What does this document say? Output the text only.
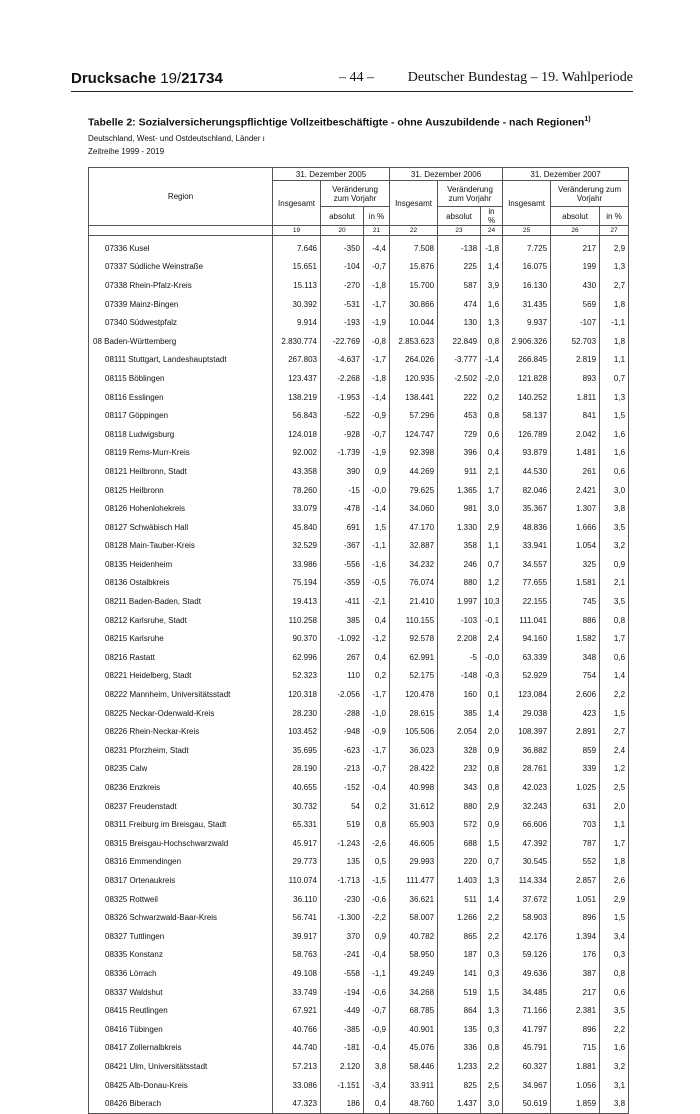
Drucksache 19/21734	– 44 – Deutscher Bundestag – 19. Wahlperiode
Tabelle 2: Sozialversicherungspflichtige Vollzeitbeschäftigte - ohne Auszubildende - nach Regionen$^{1)}$
Deutschland, West- und Ostdeutschland, Länder ı
Zeitreihe 1999 - 2019
Region	31. Dezember 2005			31. Dezember 2006			31. Dezember 2007		
	Insgesamt	Veränderung zum Vorjahr		Insgesamt	Veränderung zum Vorjahr		Insgesamt	Veränderung zum Vorjahr	
		absolut	in %		absolut	in %		absolut	in %
	19	20	21	22	23	24	25	26	27
07336 Kusel	7.646	-350	-4,4	7.508	-138	-1,8	7.725	217	2,9
07337 Südliche Weinstraße	15.651	-104	-0,7	15.876	225	1,4	16.075	199	1,3
07338 Rhein-Pfalz-Kreis	15.113	-270	-1,8	15.700	587	3,9	16.130	430	2,7
07339 Mainz-Bingen	30.392	-531	-1,7	30.866	474	1,6	31.435	569	1,8
07340 Südwestpfalz	9.914	-193	-1,9	10.044	130	1,3	9.937	-107	-1,1
08 Baden-Württemberg	2.830.774	-22.769	-0,8	2.853.623	22.849	0,8	2.906.326	52.703	1,8
08111 Stuttgart, Landeshauptstadt	267.803	-4.637	-1,7	264.026	-3.777	-1,4	266.845	2.819	1,1
08115 Böblingen	123.437	-2.268	-1,8	120.935	-2.502	-2,0	121.828	893	0,7
08116 Esslingen	138.219	-1.953	-1,4	138.441	222	0,2	140.252	1.811	1,3
08117 Göppingen	56.843	-522	-0,9	57.296	453	0,8	58.137	841	1,5
08118 Ludwigsburg	124.018	-928	-0,7	124.747	729	0,6	126.789	2.042	1,6
08119 Rems-Murr-Kreis	92.002	-1.739	-1,9	92.398	396	0,4	93.879	1.481	1,6
08121 Heilbronn, Stadt	43.358	390	0,9	44.269	911	2,1	44.530	261	0,6
08125 Heilbronn	78.260	-15	-0,0	79.625	1.365	1,7	82.046	2.421	3,0
08126 Hohenlohekreis	33.079	-478	-1,4	34.060	981	3,0	35.367	1.307	3,8
08127 Schwäbisch Hall	45.840	691	1,5	47.170	1.330	2,9	48.836	1.666	3,5
08128 Main-Tauber-Kreis	32.529	-367	-1,1	32.887	358	1,1	33.941	1.054	3,2
08135 Heidenheim	33.986	-556	-1,6	34.232	246	0,7	34.557	325	0,9
08136 Ostalbkreis	75.194	-359	-0,5	76.074	880	1,2	77.655	1.581	2,1
08211 Baden-Baden, Stadt	19.413	-411	-2,1	21.410	1.997	10,3	22.155	745	3,5
08212 Karlsruhe, Stadt	110.258	385	0,4	110.155	-103	-0,1	111.041	886	0,8
08215 Karlsruhe	90.370	-1.092	-1,2	92.578	2.208	2,4	94.160	1.582	1,7
08216 Rastatt	62.996	267	0,4	62.991	-5	-0,0	63.339	348	0,6
08221 Heidelberg, Stadt	52.323	110	0,2	52.175	-148	-0,3	52.929	754	1,4
08222 Mannheim, Universitätsstadt	120.318	-2.056	-1,7	120.478	160	0,1	123.084	2.606	2,2
08225 Neckar-Odenwald-Kreis	28.230	-288	-1,0	28.615	385	1,4	29.038	423	1,5
08226 Rhein-Neckar-Kreis	103.452	-948	-0,9	105.506	2.054	2,0	108.397	2.891	2,7
08231 Pforzheim, Stadt	35.695	-623	-1,7	36.023	328	0,9	36.882	859	2,4
08235 Calw	28.190	-213	-0,7	28.422	232	0,8	28.761	339	1,2
08236 Enzkreis	40.655	-152	-0,4	40.998	343	0,8	42.023	1.025	2,5
08237 Freudenstadt	30.732	54	0,2	31.612	880	2,9	32.243	631	2,0
08311 Freiburg im Breisgau, Stadt	65.331	519	0,8	65.903	572	0,9	66.606	703	1,1
08315 Breisgau-Hochschwarzwald	45.917	-1.243	-2,6	46.605	688	1,5	47.392	787	1,7
08316 Emmendingen	29.773	135	0,5	29.993	220	0,7	30.545	552	1,8
08317 Ortenaukreis	110.074	-1.713	-1,5	111.477	1.403	1,3	114.334	2.857	2,6
08325 Rottweil	36.110	-230	-0,6	36.621	511	1,4	37.672	1.051	2,9
08326 Schwarzwald-Baar-Kreis	56.741	-1.300	-2,2	58.007	1.266	2,2	58.903	896	1,5
08327 Tuttlingen	39.917	370	0,9	40.782	865	2,2	42.176	1.394	3,4
08335 Konstanz	58.763	-241	-0,4	58.950	187	0,3	59.126	176	0,3
08336 Lörrach	49.108	-558	-1,1	49.249	141	0,3	49.636	387	0,8
08337 Waldshut	33.749	-194	-0,6	34.268	519	1,5	34.485	217	0,6
08415 Reutlingen	67.921	-449	-0,7	68.785	864	1,3	71.166	2.381	3,5
08416 Tübingen	40.766	-385	-0,9	40.901	135	0,3	41.797	896	2,2
08417 Zollernalbkreis	44.740	-181	-0,4	45.076	336	0,8	45.791	715	1,6
08421 Ulm, Universitätsstadt	57.213	2.120	3,8	58.446	1.233	2,2	60.327	1.881	3,2
08425 Alb-Donau-Kreis	33.086	-1.151	-3,4	33.911	825	2,5	34.967	1.056	3,1
08426 Biberach	47.323	186	0,4	48.760	1.437	3,0	50.619	1.859	3,8
